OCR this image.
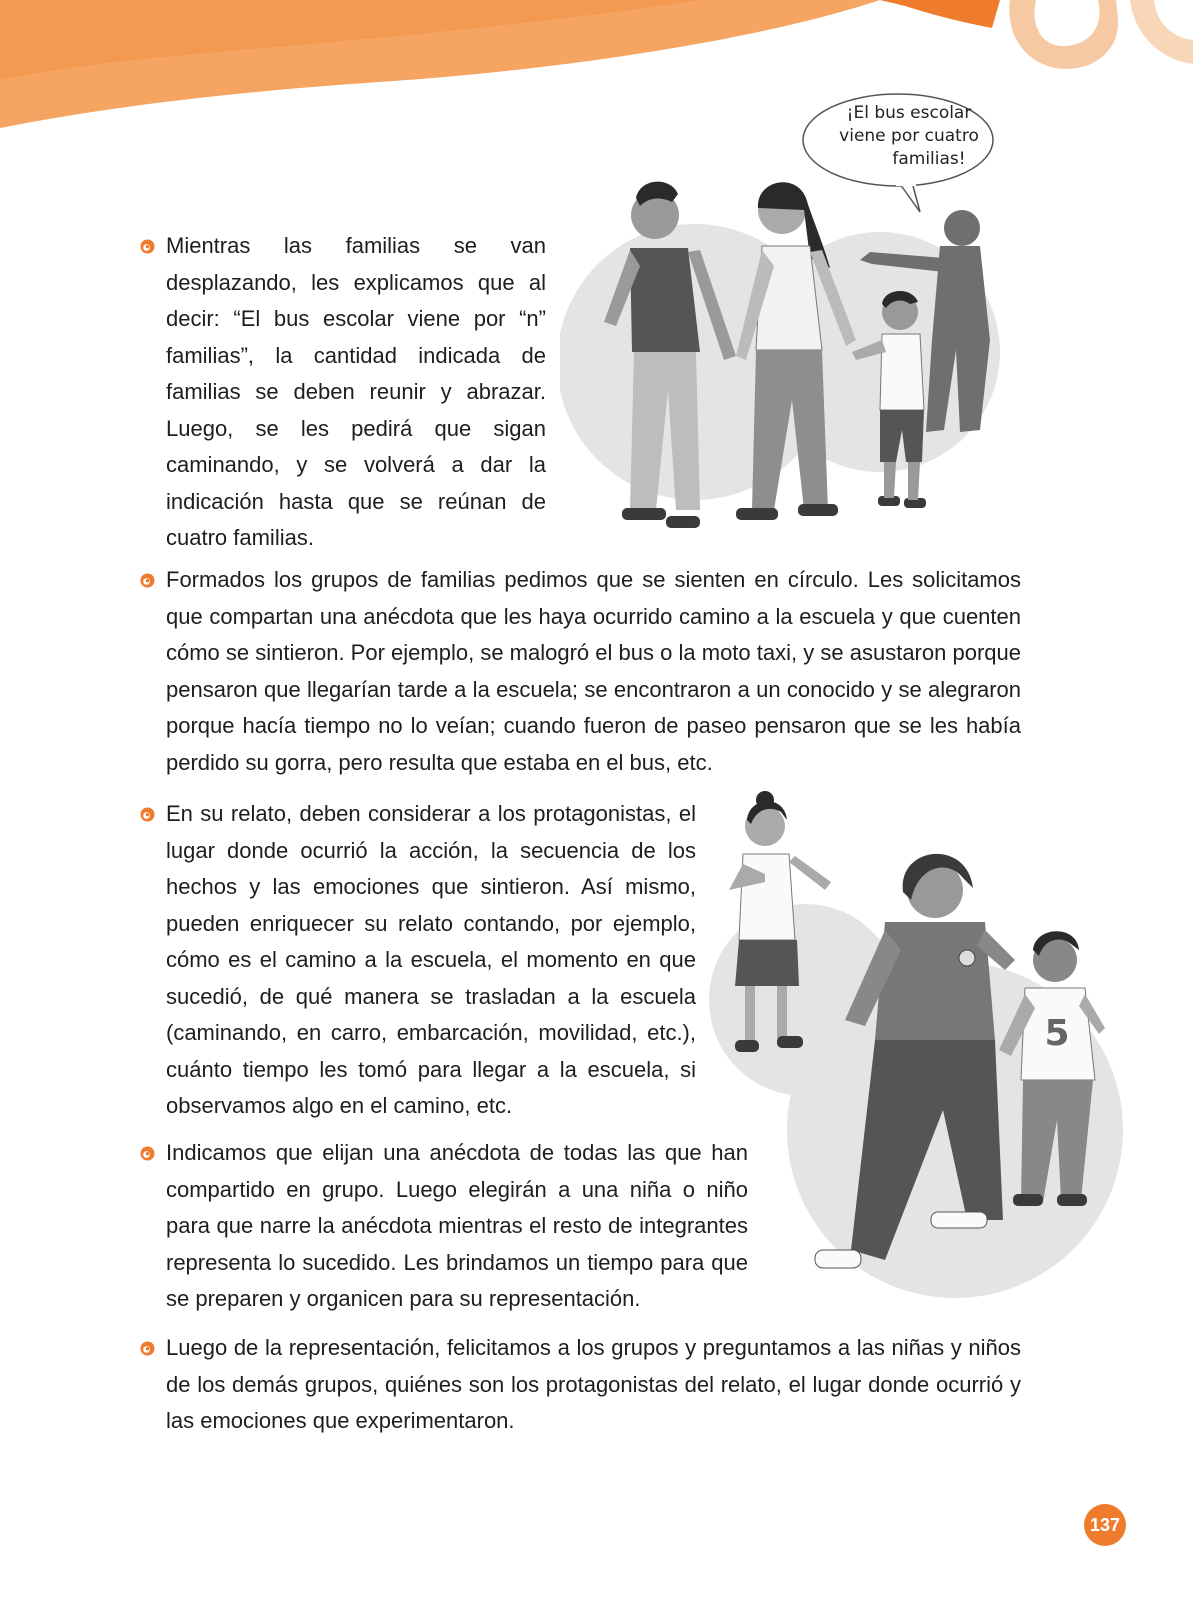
¡El bus escolar
viene por cuatro
familias!
5

Mientras las familias se van desplazando, les explicamos que al decir: “El bus escolar viene por “n” familias”, la cantidad indicada de familias se deben reunir y abrazar. Luego, se les pedirá que sigan caminando, y se volverá a dar la indicación hasta que se reúnan de cuatro familias.

Formados los grupos de familias pedimos que se sienten en círculo. Les solicitamos que compartan una anécdota que les haya ocurrido camino a la escuela y que cuenten cómo se sintieron. Por ejemplo, se malogró el bus o la moto taxi, y se asustaron porque pensaron que llegarían tarde a la escuela; se encontraron a un conocido y se alegraron porque hacía tiempo no lo veían; cuando fueron de paseo pensaron que se les había perdido su gorra, pero resulta que estaba en el bus, etc.

En su relato, deben considerar a los protagonistas, el lugar donde ocurrió la acción, la secuencia de los hechos y las emociones que sintieron. Así mismo, pueden enriquecer su relato contando, por ejemplo, cómo es el camino a la escuela, el momento en que sucedió, de qué manera se trasladan a la escuela (caminando, en carro, embarcación, movilidad, etc.), cuánto tiempo les tomó para llegar a la escuela, si observamos algo en el camino, etc.

Indicamos que elijan una anécdota de todas las que han compartido en grupo. Luego elegirán a una niña o niño para que narre la anécdota mientras el resto de integrantes representa lo sucedido. Les brindamos un tiempo para que se preparen y organicen para su representación.

Luego de la representación, felicitamos a los grupos y preguntamos a las niñas y niños de los demás grupos, quiénes son los protagonistas del relato, el lugar donde ocurrió y las emociones que experimentaron.

137
